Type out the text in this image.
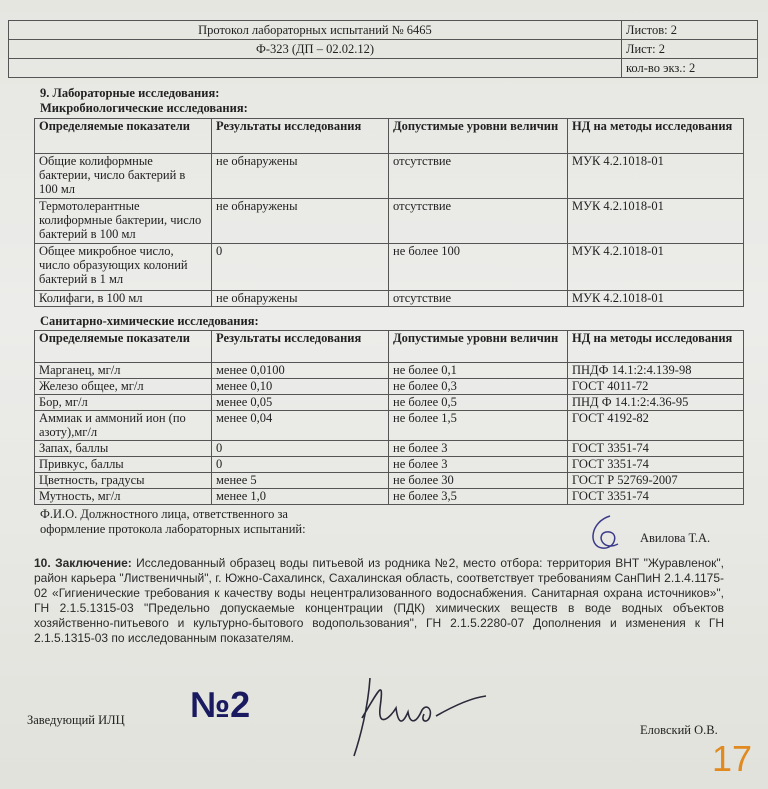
Протокол лабораторных испытаний № 6465	Листов: 2
Ф-323 (ДП – 02.02.12)	Лист: 2
	кол-во экз.: 2
9. Лабораторные исследования:
Микробиологические исследования:
Определяемые показатели	Результаты исследования	Допустимые уровни величин	НД на методы исследования
Общие колиформные бактерии, число бактерий в 100 мл	не обнаружены	отсутствие	МУК 4.2.1018-01
Термотолерантные колиформные бактерии, число бактерий в 100 мл	не обнаружены	отсутствие	МУК 4.2.1018-01
Общее микробное число, число образующих колоний бактерий в 1 мл	0	не более 100	МУК 4.2.1018-01
Колифаги, в 100 мл	не обнаружены	отсутствие	МУК 4.2.1018-01
Санитарно-химические исследования:
Определяемые показатели	Результаты исследования	Допустимые уровни величин	НД на методы исследования
Марганец, мг/л	менее 0,0100	не более 0,1	ПНДФ 14.1:2:4.139-98
Железо общее, мг/л	менее 0,10	не более 0,3	ГОСТ 4011-72
Бор, мг/л	менее 0,05	не более 0,5	ПНД Ф 14.1:2:4.36-95
Аммиак и аммоний ион (по азоту),мг/л	менее 0,04	не более 1,5	ГОСТ 4192-82
Запах, баллы	0	не более 3	ГОСТ 3351-74
Привкус, баллы	0	не более 3	ГОСТ 3351-74
Цветность, градусы	менее 5	не более 30	ГОСТ Р 52769-2007
Мутность, мг/л	менее 1,0	не более 3,5	ГОСТ 3351-74
Ф.И.О. Должностного лица, ответственного за
оформление протокола лабораторных испытаний:
Авилова Т.А.
10. Заключение: Исследованный образец воды питьевой из родника №2, место отбора: территория ВНТ "Журавленок", район карьера "Лиственичный", г. Южно-Сахалинск, Сахалинская область, соответствует требованиям СанПиН 2.1.4.1175-02 «Гигиенические требования к качеству воды нецентрализованного водоснабжения. Санитарная охрана источников»", ГН 2.1.5.1315-03 "Предельно допускаемые концентрации (ПДК) химических веществ в воде водных объектов хозяйственно-питьевого и культурно-бытового водопользования", ГН 2.1.5.2280-07 Дополнения и изменения к ГН 2.1.5.1315-03 по исследованным показателям.
№2
Заведующий ИЛЦ
Еловский О.В.
17
